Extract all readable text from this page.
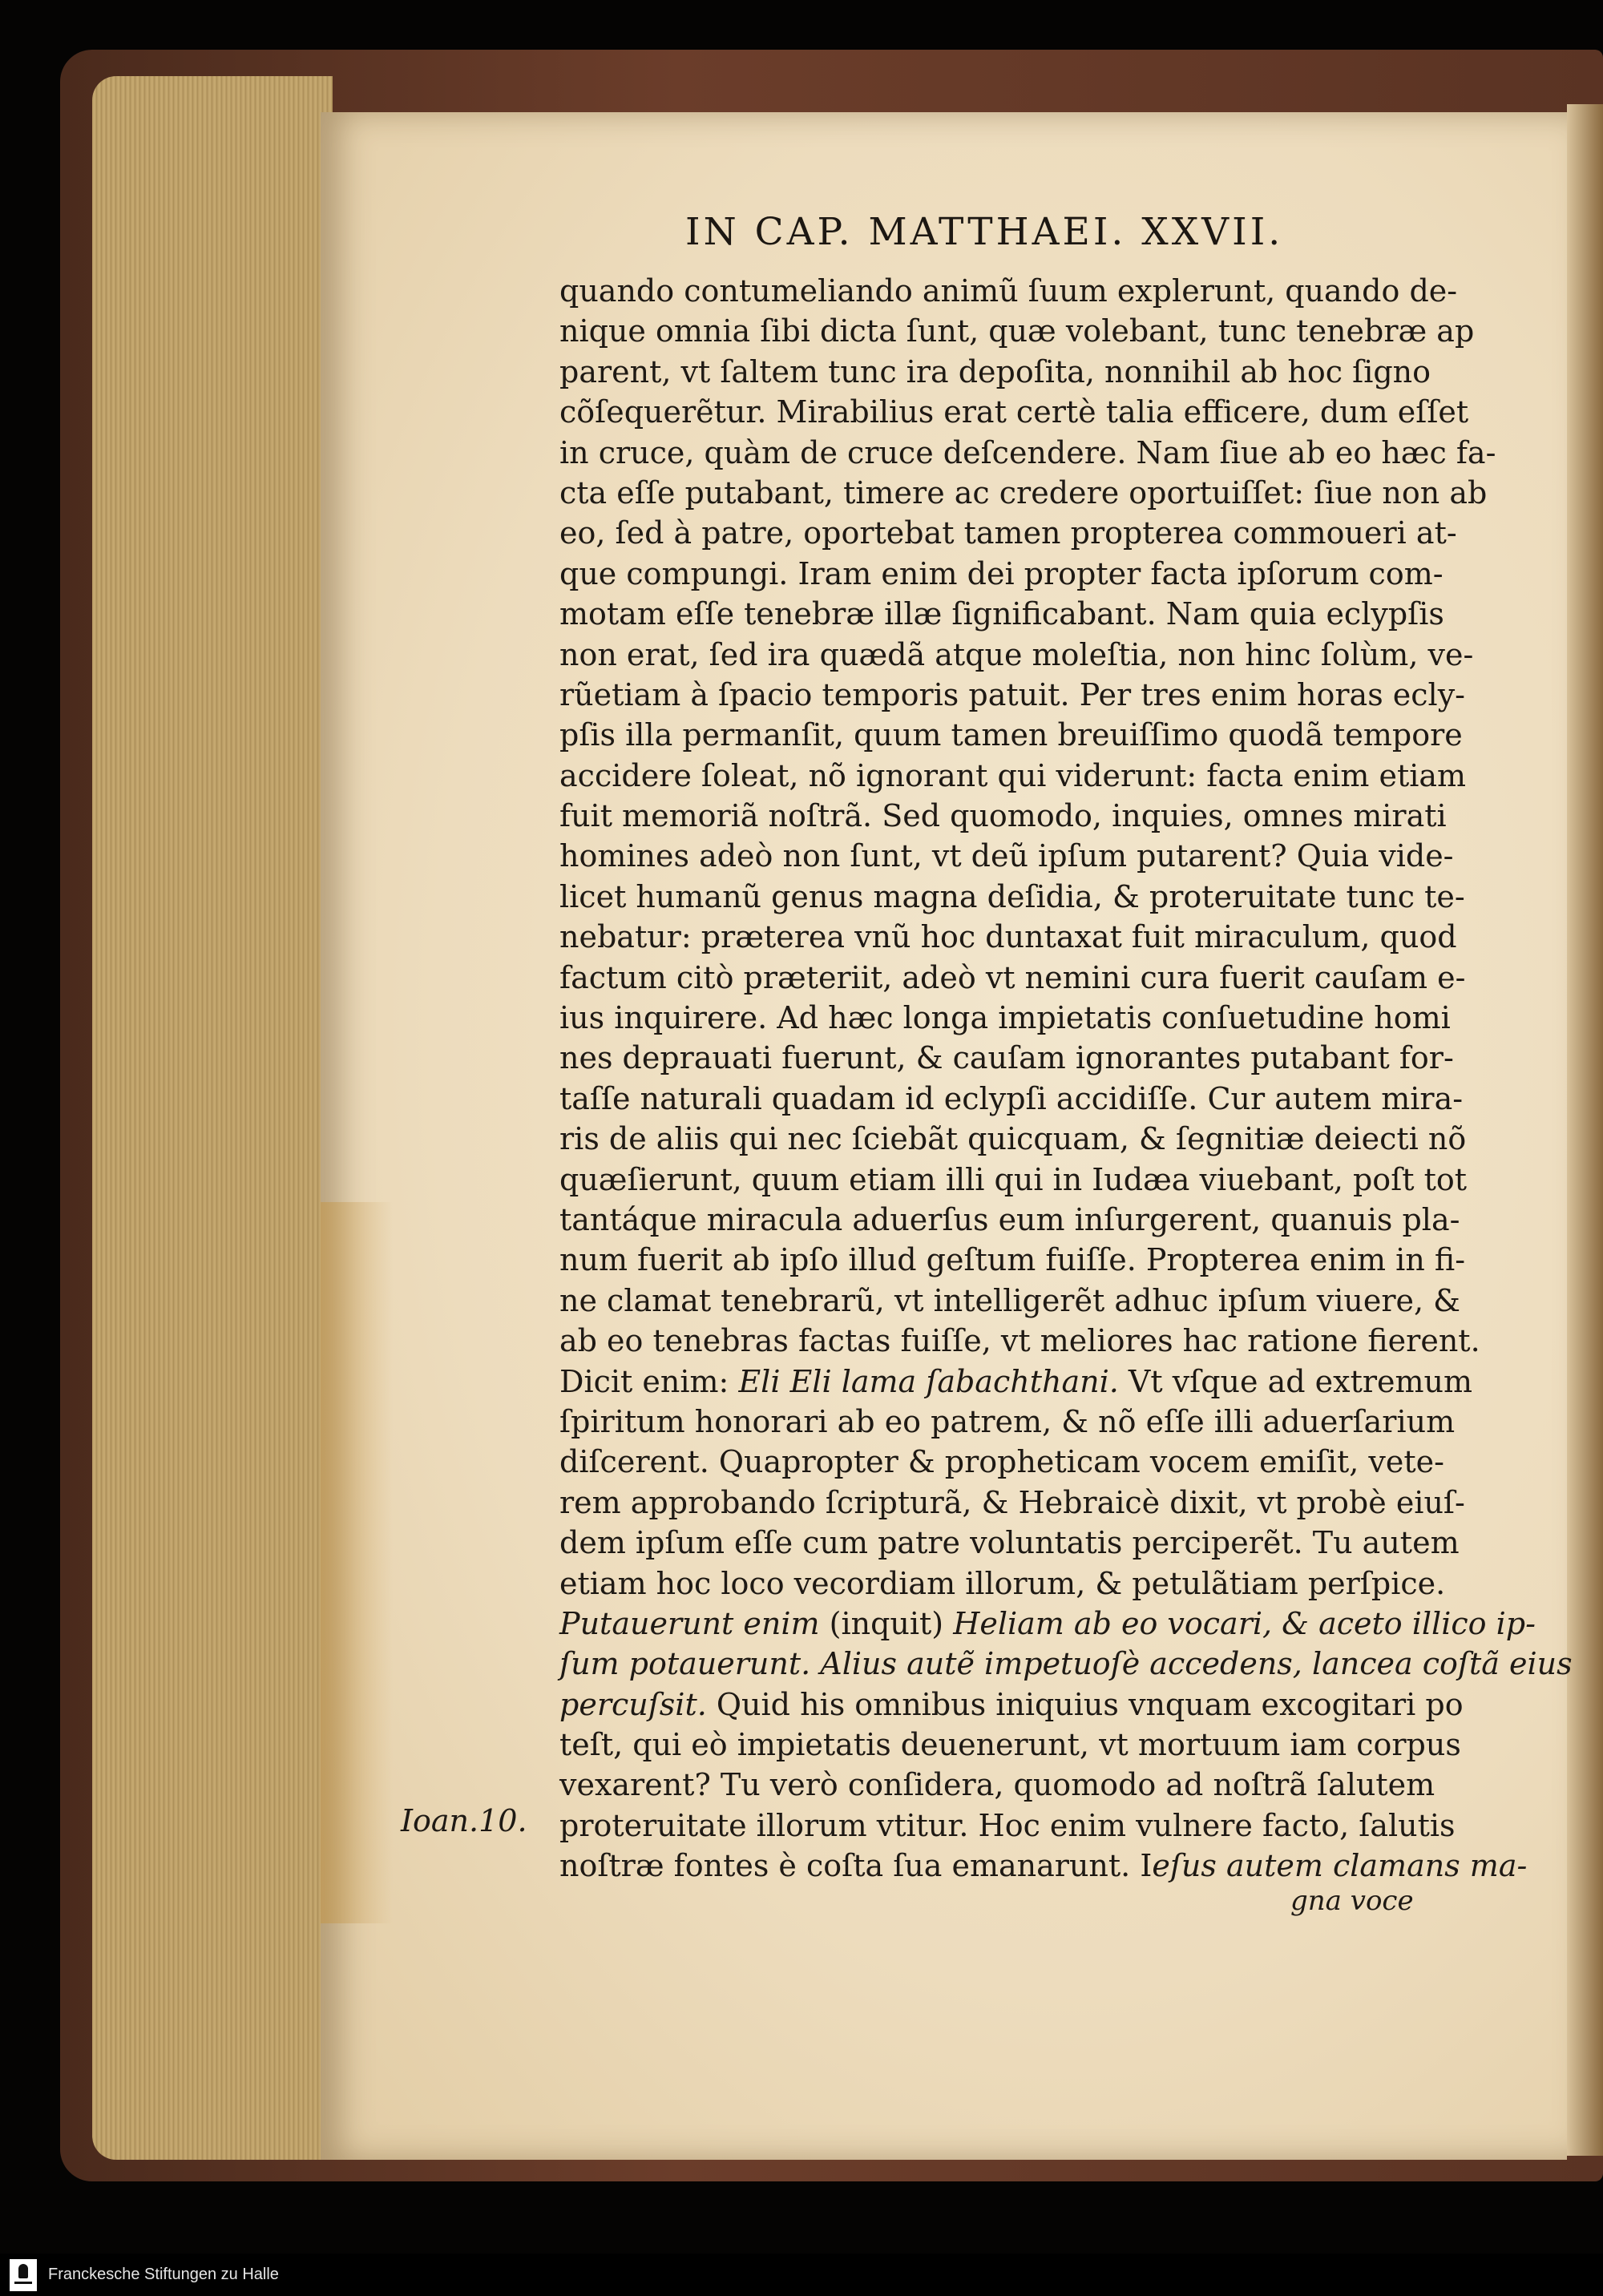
IN CAP. MATTHAEI. XXVII.
quando contumeliando animũ ſuum explerunt, quando de-
nique omnia ſibi dicta ſunt, quæ volebant, tunc tenebræ ap
parent, vt ſaltem tunc ira depoſita, nonnihil ab hoc ſigno
cõſequerẽtur. Mirabilius erat certè talia efficere, dum eſſet
in cruce, quàm de cruce deſcendere. Nam ſiue ab eo hæc fa-
cta eſſe putabant, timere ac credere oportuiſſet: ſiue non ab
eo, ſed à patre, oportebat tamen propterea commoueri at-
que compungi. Iram enim dei propter facta ipſorum com-
motam eſſe tenebræ illæ ſignificabant. Nam quia eclypſis
non erat, ſed ira quædã atque moleſtia, non hinc ſolùm, ve-
rũetiam à ſpacio temporis patuit. Per tres enim horas ecly-
pſis illa permanſit, quum tamen breuiſſimo quodã tempore
accidere ſoleat, nõ ignorant qui viderunt: facta enim etiam
fuit memoriã noſtrã. Sed quomodo, inquies, omnes mirati
homines adeò non ſunt, vt deũ ipſum putarent? Quia vide-
licet humanũ genus magna deſidia, & proteruitate tunc te-
nebatur: præterea vnũ hoc duntaxat fuit miraculum, quod
factum citò præteriit, adeò vt nemini cura fuerit cauſam e-
ius inquirere. Ad hæc longa impietatis conſuetudine homi
nes deprauati fuerunt, & cauſam ignorantes putabant for-
taſſe naturali quadam id eclypſi accidiſſe. Cur autem mira-
ris de aliis qui nec ſciebãt quicquam, & ſegnitiæ deiecti nõ
quæſierunt, quum etiam illi qui in Iudæa viuebant, poſt tot
tantáque miracula aduerſus eum inſurgerent, quanuis pla-
num fuerit ab ipſo illud geſtum fuiſſe. Propterea enim in fi-
ne clamat tenebrarũ, vt intelligerẽt adhuc ipſum viuere, &
ab eo tenebras factas fuiſſe, vt meliores hac ratione fierent.
Dicit enim: Eli Eli lama ſabachthani. Vt vſque ad extremum
ſpiritum honorari ab eo patrem, & nõ eſſe illi aduerſarium
diſcerent. Quapropter & propheticam vocem emiſit, vete-
rem approbando ſcripturã, & Hebraicè dixit, vt probè eiuſ-
dem ipſum eſſe cum patre voluntatis perciperẽt. Tu autem
etiam hoc loco vecordiam illorum, & petulãtiam perſpice.
Putauerunt enim (inquit) Heliam ab eo vocari, & aceto illico ip-
ſum potauerunt. Alius autẽ impetuoſè accedens, lancea coſtã eius
percuſsit. Quid his omnibus iniquius vnquam excogitari po
teſt, qui eò impietatis deuenerunt, vt mortuum iam corpus
vexarent? Tu verò conſidera, quomodo ad noſtrã ſalutem
proteruitate illorum vtitur. Hoc enim vulnere facto, ſalutis
noſtræ fontes è coſta ſua emanarunt. Ieſus autem clamans ma-
Ioan.10.
gna voce
Franckesche Stiftungen zu Halle
